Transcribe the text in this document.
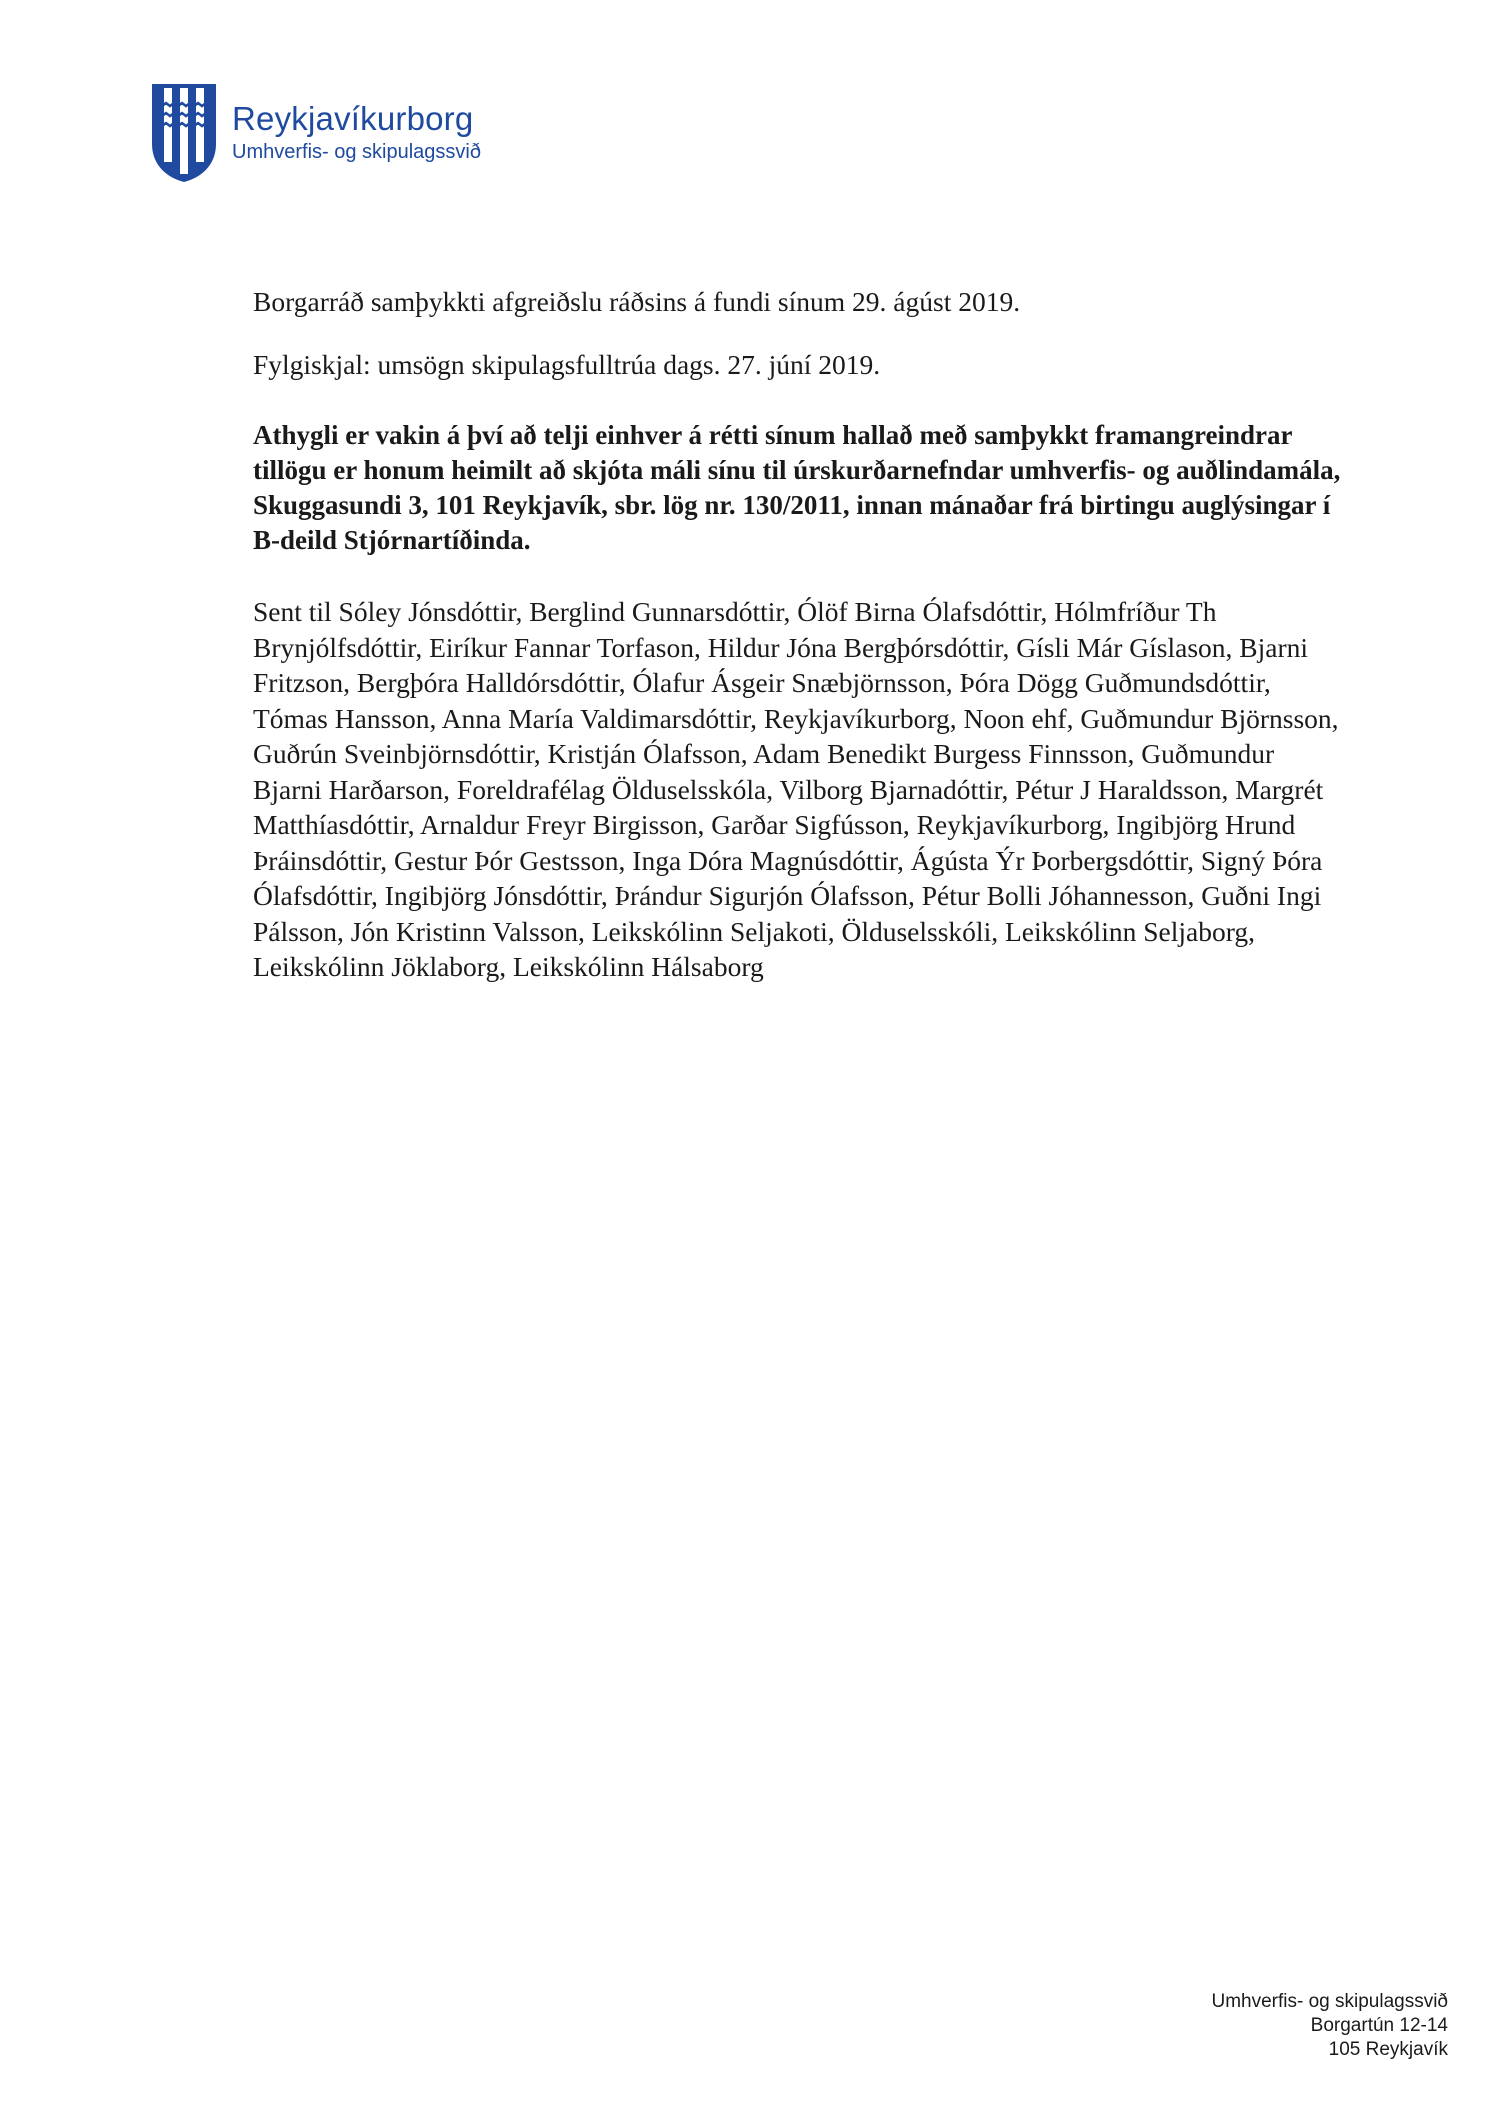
Reykjavíkurborg
Umhverfis- og skipulagssvið

Borgarráð samþykkti afgreiðslu ráðsins á fundi sínum 29. ágúst 2019.

Fylgiskjal: umsögn skipulagsfulltrúa dags. 27. júní 2019.

Athygli er vakin á því að telji einhver á rétti sínum hallað með samþykkt framangreindrar tillögu er honum heimilt að skjóta máli sínu til úrskurðarnefndar umhverfis- og auðlindamála, Skuggasundi 3, 101 Reykjavík, sbr. lög nr. 130/2011, innan mánaðar frá birtingu auglýsingar í B-deild Stjórnartíðinda.

Sent til Sóley Jónsdóttir, Berglind Gunnarsdóttir, Ólöf Birna Ólafsdóttir, Hólmfríður Th Brynjólfsdóttir, Eiríkur Fannar Torfason, Hildur Jóna Bergþórsdóttir, Gísli Már Gíslason, Bjarni Fritzson, Bergþóra Halldórsdóttir, Ólafur Ásgeir Snæbjörnsson, Þóra Dögg Guðmundsdóttir, Tómas Hansson, Anna María Valdimarsdóttir, Reykjavíkurborg, Noon ehf, Guðmundur Björnsson, Guðrún Sveinbjörnsdóttir, Kristján Ólafsson, Adam Benedikt Burgess Finnsson, Guðmundur Bjarni Harðarson, Foreldrafélag Ölduselsskóla, Vilborg Bjarnadóttir, Pétur J Haraldsson, Margrét Matthíasdóttir, Arnaldur Freyr Birgisson, Garðar Sigfússon, Reykjavíkurborg, Ingibjörg Hrund Þráinsdóttir, Gestur Þór Gestsson, Inga Dóra Magnúsdóttir, Ágústa Ýr Þorbergsdóttir, Signý Þóra Ólafsdóttir, Ingibjörg Jónsdóttir, Þrándur Sigurjón Ólafsson, Pétur Bolli Jóhannesson, Guðni Ingi Pálsson, Jón Kristinn Valsson, Leikskólinn Seljakoti, Ölduselsskóli, Leikskólinn Seljaborg, Leikskólinn Jöklaborg, Leikskólinn Hálsaborg

Umhverfis- og skipulagssvið
Borgartún 12-14
105 Reykjavík
